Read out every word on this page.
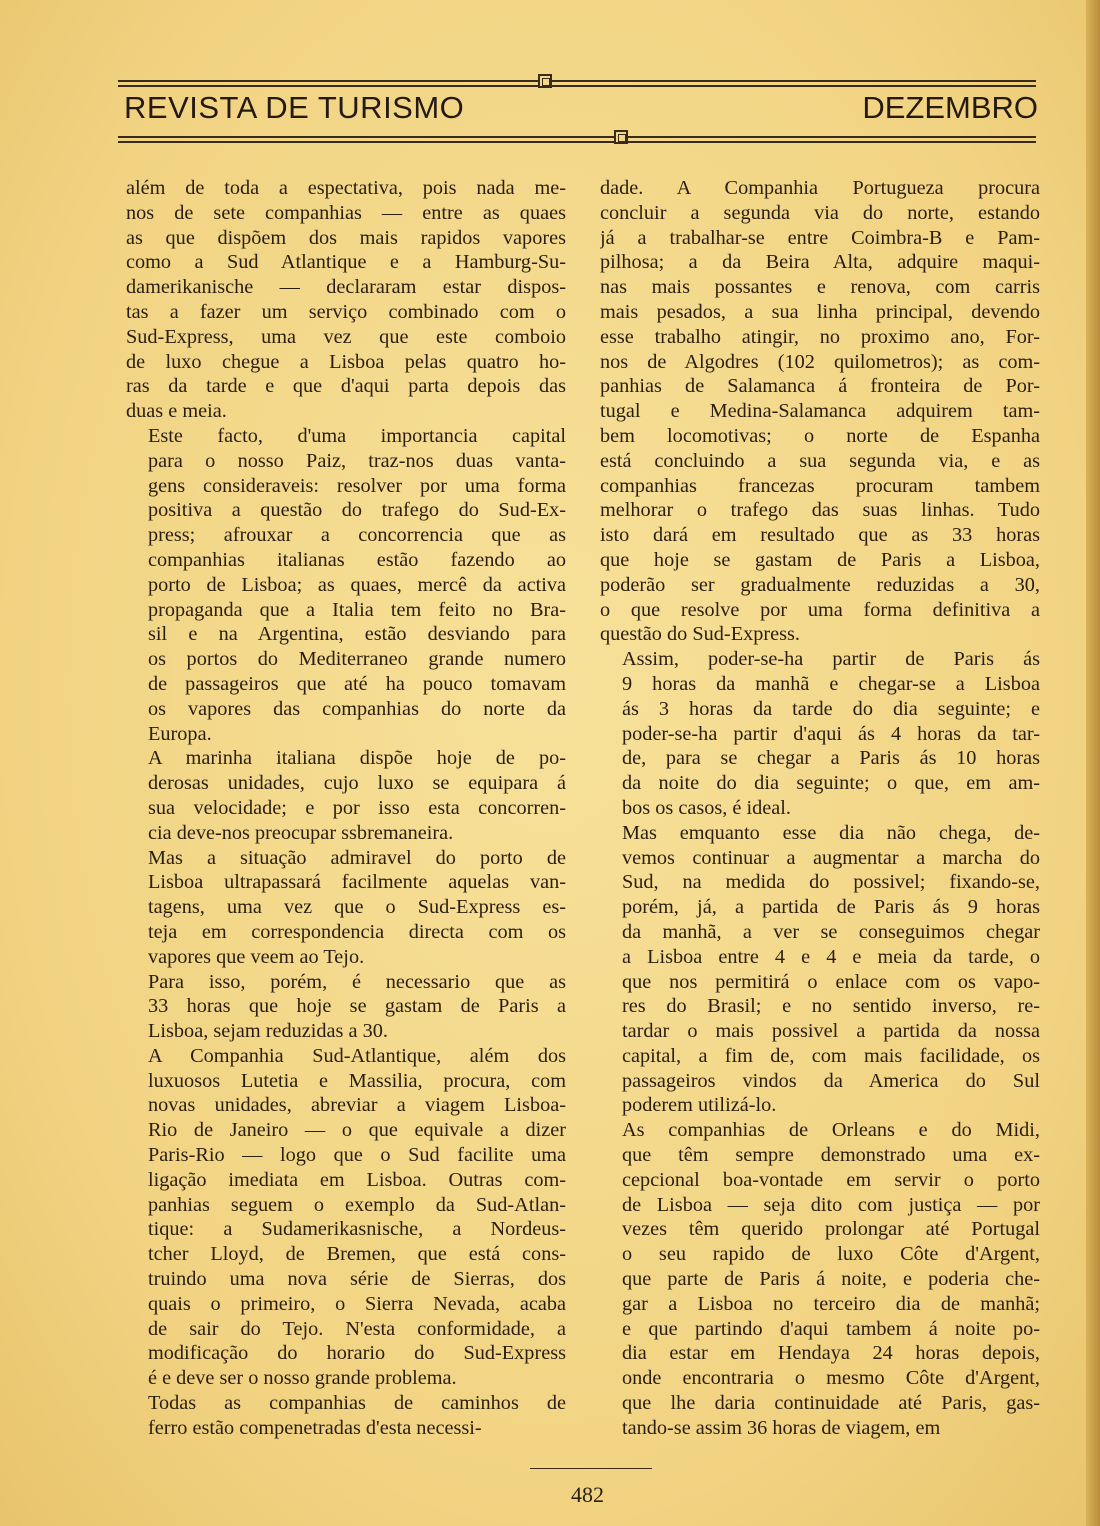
REVISTA DE TURISMO	DEZEMBRO

além de toda a espectativa, pois nada me-
nos de sete companhias — entre as quaes
as que dispõem dos mais rapidos vapores
como a Sud Atlantique e a Hamburg-Su-
damerikanische — declararam estar dispos-
tas a fazer um serviço combinado com o
Sud-Express, uma vez que este comboio
de luxo chegue a Lisboa pelas quatro ho-
ras da tarde e que d'aqui parta depois das
duas e meia.

Este facto, d'uma importancia capital
para o nosso Paiz, traz-nos duas vanta-
gens consideraveis: resolver por uma forma
positiva a questão do trafego do Sud-Ex-
press; afrouxar a concorrencia que as
companhias italianas estão fazendo ao
porto de Lisboa; as quaes, mercê da activa
propaganda que a Italia tem feito no Bra-
sil e na Argentina, estão desviando para
os portos do Mediterraneo grande numero
de passageiros que até ha pouco tomavam
os vapores das companhias do norte da
Europa.

A marinha italiana dispõe hoje de po-
derosas unidades, cujo luxo se equipara á
sua velocidade; e por isso esta concorren-
cia deve-nos preocupar ssbremaneira.

Mas a situação admiravel do porto de
Lisboa ultrapassará facilmente aquelas van-
tagens, uma vez que o Sud-Express es-
teja em correspondencia directa com os
vapores que veem ao Tejo.

Para isso, porém, é necessario que as
33 horas que hoje se gastam de Paris a
Lisboa, sejam reduzidas a 30.

A Companhia Sud-Atlantique, além dos
luxuosos Lutetia e Massilia, procura, com
novas unidades, abreviar a viagem Lisboa-
Rio de Janeiro — o que equivale a dizer
Paris-Rio — logo que o Sud facilite uma
ligação imediata em Lisboa. Outras com-
panhias seguem o exemplo da Sud-Atlan-
tique: a Sudamerikasnische, a Nordeus-
tcher Lloyd, de Bremen, que está cons-
truindo uma nova série de Sierras, dos
quais o primeiro, o Sierra Nevada, acaba
de sair do Tejo. N'esta conformidade, a
modificação do horario do Sud-Express
é e deve ser o nosso grande problema.

Todas as companhias de caminhos de
ferro estão compenetradas d'esta necessi-

dade. A Companhia Portugueza procura
concluir a segunda via do norte, estando
já a trabalhar-se entre Coimbra-B e Pam-
pilhosa; a da Beira Alta, adquire maqui-
nas mais possantes e renova, com carris
mais pesados, a sua linha principal, devendo
esse trabalho atingir, no proximo ano, For-
nos de Algodres (102 quilometros); as com-
panhias de Salamanca á fronteira de Por-
tugal e Medina-Salamanca adquirem tam-
bem locomotivas; o norte de Espanha
está concluindo a sua segunda via, e as
companhias francezas procuram tambem
melhorar o trafego das suas linhas. Tudo
isto dará em resultado que as 33 horas
que hoje se gastam de Paris a Lisboa,
poderão ser gradualmente reduzidas a 30,
o que resolve por uma forma definitiva a
questão do Sud-Express.

Assim, poder-se-ha partir de Paris ás
9 horas da manhã e chegar-se a Lisboa
ás 3 horas da tarde do dia seguinte; e
poder-se-ha partir d'aqui ás 4 horas da tar-
de, para se chegar a Paris ás 10 horas
da noite do dia seguinte; o que, em am-
bos os casos, é ideal.

Mas emquanto esse dia não chega, de-
vemos continuar a augmentar a marcha do
Sud, na medida do possivel; fixando-se,
porém, já, a partida de Paris ás 9 horas
da manhã, a ver se conseguimos chegar
a Lisboa entre 4 e 4 e meia da tarde, o
que nos permitirá o enlace com os vapo-
res do Brasil; e no sentido inverso, re-
tardar o mais possivel a partida da nossa
capital, a fim de, com mais facilidade, os
passageiros vindos da America do Sul
poderem utilizá-lo.

As companhias de Orleans e do Midi,
que têm sempre demonstrado uma ex-
cepcional boa-vontade em servir o porto
de Lisboa — seja dito com justiça — por
vezes têm querido prolongar até Portugal
o seu rapido de luxo Côte d'Argent,
que parte de Paris á noite, e poderia che-
gar a Lisboa no terceiro dia de manhã;
e que partindo d'aqui tambem á noite po-
dia estar em Hendaya 24 horas depois,
onde encontraria o mesmo Côte d'Argent,
que lhe daria continuidade até Paris, gas-
tando-se assim 36 horas de viagem, em

482
